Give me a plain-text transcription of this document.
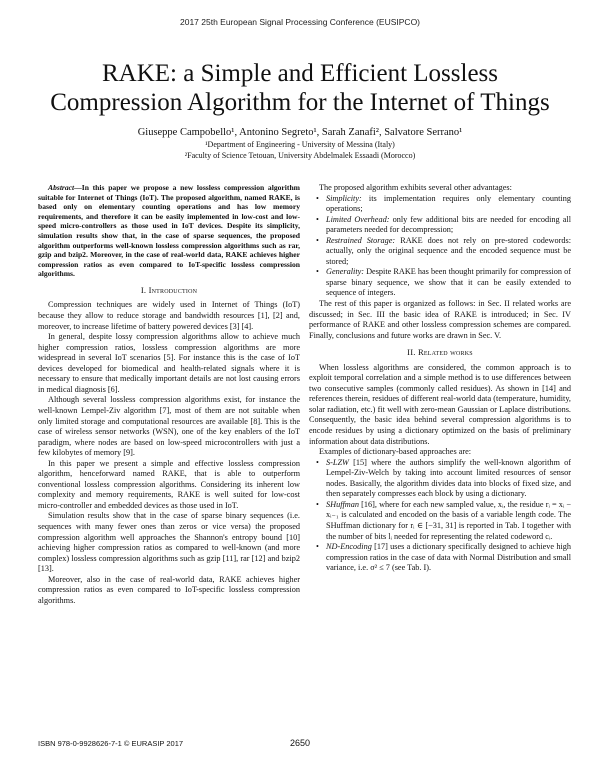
2017 25th European Signal Processing Conference (EUSIPCO)
RAKE: a Simple and Efficient Lossless
Compression Algorithm for the Internet of Things
Giuseppe Campobello¹, Antonino Segreto¹, Sarah Zanafi², Salvatore Serrano¹
¹Department of Engineering - University of Messina (Italy)
²Faculty of Science Tetouan, University Abdelmalek Essaadi (Morocco)

Abstract—In this paper we propose a new lossless compression algorithm suitable for Internet of Things (IoT). The proposed algorithm, named RAKE, is based only on elementary counting operations and has low memory requirements, and therefore it can be easily implemented in low-cost and low-speed micro-controllers as those used in IoT devices. Despite its simplicity, simulation results show that, in the case of sparse sequences, the proposed algorithm outperforms well-known lossless compression algorithms such as rar, gzip and bzip2. Moreover, in the case of real-world data, RAKE achieves higher compression ratios as even compared to IoT-specific lossless compression algorithms.

I. Introduction

Compression techniques are widely used in Internet of Things (IoT) because they allow to reduce storage and bandwidth resources [1], [2] and, moreover, to increase lifetime of battery powered devices [3] [4].

In general, despite lossy compression algorithms allow to achieve much higher compression ratios, lossless compression algorithms are more widespread in several IoT scenarios [5]. For instance this is the case of IoT devices developed for biomedical and health-related signals where it is necessary to ensure that medically important details are not lost causing errors in medical diagnosis [6].

Although several lossless compression algorithms exist, for instance the well-known Lempel-Ziv algorithm [7], most of them are not suitable when only limited storage and computational resources are available [8]. This is the case of wireless sensor networks (WSN), one of the key enablers of the IoT paradigm, where nodes are based on low-speed microcontrollers with just a few kilobytes of memory [9].

In this paper we present a simple and effective lossless compression algorithm, henceforward named RAKE, that is able to outperform conventional lossless compression algorithms. Considering its inherent low complexity and memory requirements, RAKE is well suited for low-cost micro-controller and embedded devices as those used in IoT.

Simulation results show that in the case of sparse binary sequences (i.e. sequences with many fewer ones than zeros or vice versa) the proposed compression algorithm well approaches the Shannon's entropy bound [10] achieving higher compression ratios as compared to well-known (and more complex) lossless compression algorithms such as gzip [11], rar [12] and bzip2 [13].

Moreover, also in the case of real-world data, RAKE achieves higher compression ratios as even compared to IoT-specific lossless compression algorithms.

The proposed algorithm exhibits several other advantages:

• Simplicity: its implementation requires only elementary counting operations;
• Limited Overhead: only few additional bits are needed for encoding all parameters needed for decompression;
• Restrained Storage: RAKE does not rely on pre-stored codewords: actually, only the original sequence and the encoded sequence must be stored;
• Generality: Despite RAKE has been thought primarily for compression of sparse binary sequence, we show that it can be easily extended to sequence of integers.

The rest of this paper is organized as follows: in Sec. II related works are discussed; in Sec. III the basic idea of RAKE is introduced; in Sec. IV performance of RAKE and other lossless compression schemes are compared. Finally, conclusions and future works are drawn in Sec. V.

II. Related works

When lossless algorithms are considered, the common approach is to exploit temporal correlation and a simple method is to use differences between two consecutive samples (commonly called residues). As shown in [14] and references therein, residues of different real-world data (temperature, humidity, solar radiation, etc.) fit well with zero-mean Gaussian or Laplace distributions. Consequently, the basic idea behind several compression algorithms is to encode residues by using a dictionary optimized on the basis of preliminary information about data distributions.

Examples of dictionary-based approaches are:

• S-LZW [15] where the authors simplify the well-known algorithm of Lempel-Ziv-Welch by taking into account limited resources of sensor nodes. Basically, the algorithm divides data into blocks of fixed size, and then separately compresses each block by using a dictionary.
• SHuffman [16], where for each new sampled value, xᵢ, the residue rᵢ = xᵢ − xᵢ₋₁ is calculated and encoded on the basis of a variable length code. The SHuffman dictionary for rᵢ ∈ [−31, 31] is reported in Tab. I together with the number of bits lᵢ needed for representing the related codeword cᵢ.
• ND-Encoding [17] uses a dictionary specifically designed to achieve high compression ratios in the case of data with Normal Distribution and small variance, i.e. σ² ≤ 7 (see Tab. I).
ISBN 978-0-9928626-7-1 © EURASIP 2017	2650
